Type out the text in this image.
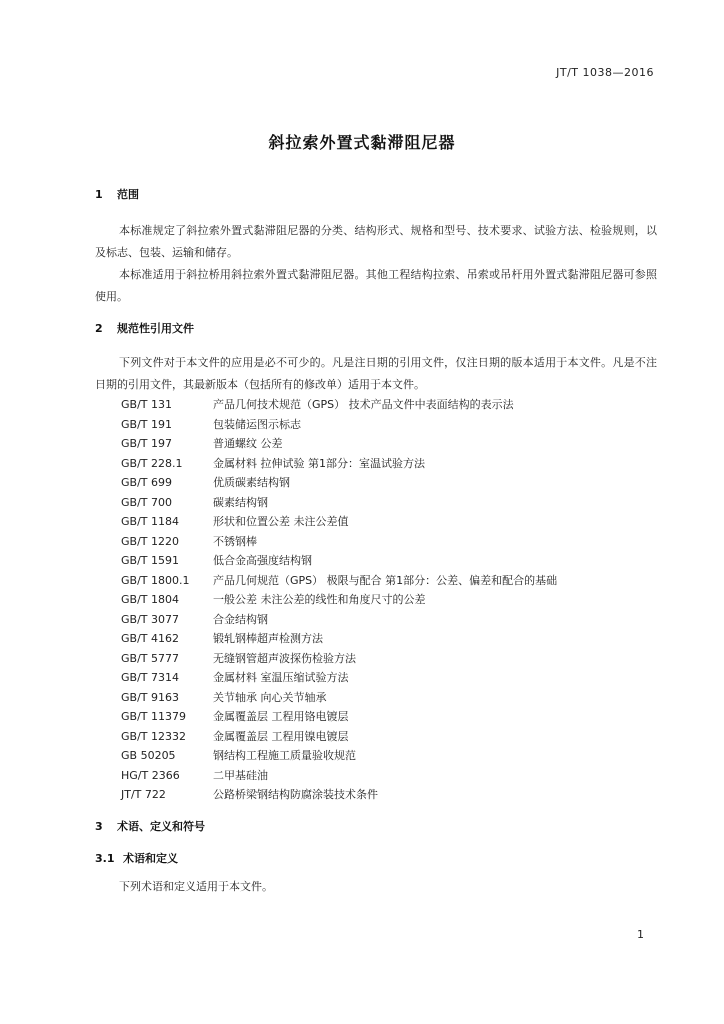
JT/T 1038—2016
斜拉索外置式黏滞阻尼器
1 范围

本标准规定了斜拉索外置式黏滞阻尼器的分类、结构形式、规格和型号、技术要求、试验方法、检验规则，以及标志、包装、运输和储存。

本标准适用于斜拉桥用斜拉索外置式黏滞阻尼器。其他工程结构拉索、吊索或吊杆用外置式黏滞阻尼器可参照使用。

2 规范性引用文件

下列文件对于本文件的应用是必不可少的。凡是注日期的引用文件，仅注日期的版本适用于本文件。凡是不注日期的引用文件，其最新版本（包括所有的修改单）适用于本文件。

GB/T 131	产品几何技术规范（GPS） 技术产品文件中表面结构的表示法
GB/T 191	包装储运图示标志
GB/T 197	普通螺纹 公差
GB/T 228.1	金属材料 拉伸试验 第1部分：室温试验方法
GB/T 699	优质碳素结构钢
GB/T 700	碳素结构钢
GB/T 1184	形状和位置公差 未注公差值
GB/T 1220	不锈钢棒
GB/T 1591	低合金高强度结构钢
GB/T 1800.1 产品几何规范（GPS） 极限与配合 第1部分：公差、偏差和配合的基础
GB/T 1804	一般公差 未注公差的线性和角度尺寸的公差
GB/T 3077	合金结构钢
GB/T 4162	锻轧钢棒超声检测方法
GB/T 5777	无缝钢管超声波探伤检验方法
GB/T 7314	金属材料 室温压缩试验方法
GB/T 9163	关节轴承 向心关节轴承
GB/T 11379 金属覆盖层 工程用铬电镀层
GB/T 12332 金属覆盖层 工程用镍电镀层
GB 50205	钢结构工程施工质量验收规范
HG/T 2366	二甲基硅油
JT/T 722	公路桥梁钢结构防腐涂装技术条件
3 术语、定义和符号
3.1 术语和定义

下列术语和定义适用于本文件。

1
